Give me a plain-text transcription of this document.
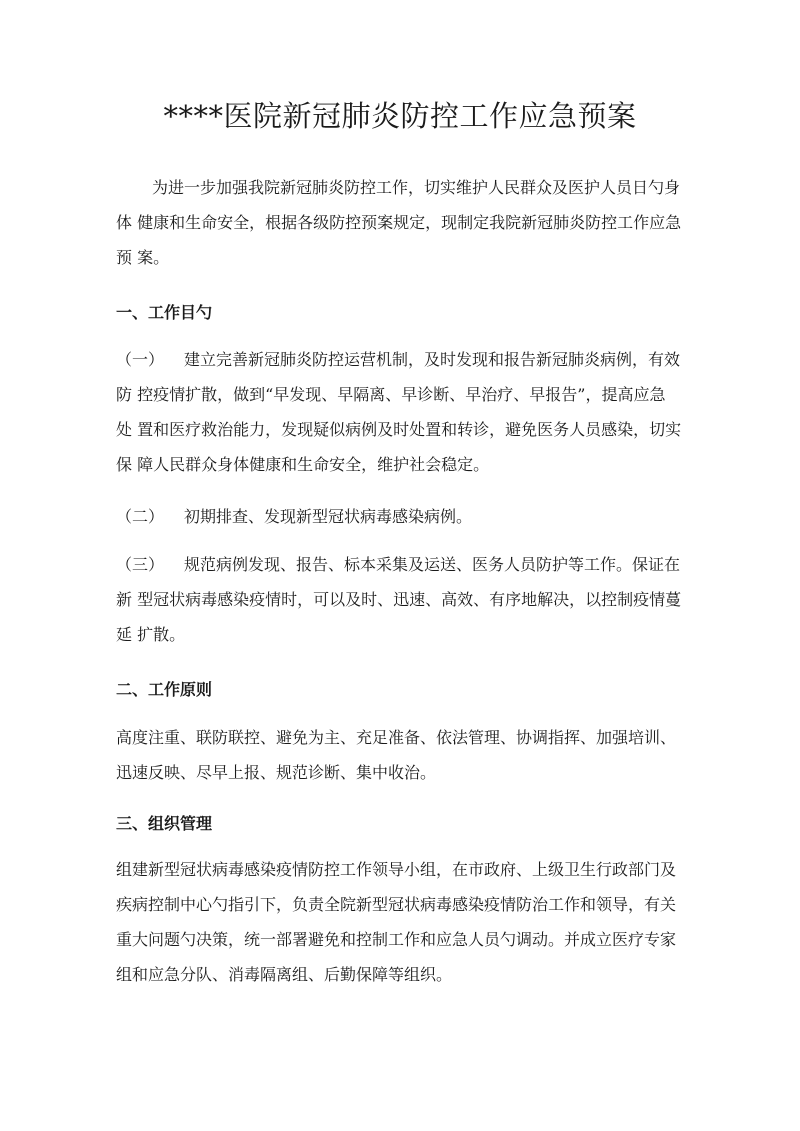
****医院新冠肺炎防控工作应急预案
为进一步加强我院新冠肺炎防控工作，切实维护人民群众及医护人员日勺身
体 健康和生命安全，根据各级防控预案规定，现制定我院新冠肺炎防控工作应急
预 案。
一、工作目勺
（一） 建立完善新冠肺炎防控运营机制，及时发现和报告新冠肺炎病例，有效
防 控疫情扩散，做到“早发现、早隔离、早诊断、早治疗、早报告”，提高应急
处 置和医疗救治能力，发现疑似病例及时处置和转诊，避免医务人员感染，切实
保 障人民群众身体健康和生命安全，维护社会稳定。
（二） 初期排查、发现新型冠状病毒感染病例。
（三） 规范病例发现、报告、标本采集及运送、医务人员防护等工作。保证在
新 型冠状病毒感染疫情时，可以及时、迅速、高效、有序地解决，以控制疫情蔓
延 扩散。
二、工作原则
高度注重、联防联控、避免为主、充足准备、依法管理、协调指挥、加强培训、
迅速反映、尽早上报、规范诊断、集中收治。
三、组织管理
组建新型冠状病毒感染疫情防控工作领导小组，在市政府、上级卫生行政部门及
疾病控制中心勺指引下，负责全院新型冠状病毒感染疫情防治工作和领导，有关
重大问题勺决策，统一部署避免和控制工作和应急人员勺调动。并成立医疗专家
组和应急分队、消毒隔离组、后勤保障等组织。
